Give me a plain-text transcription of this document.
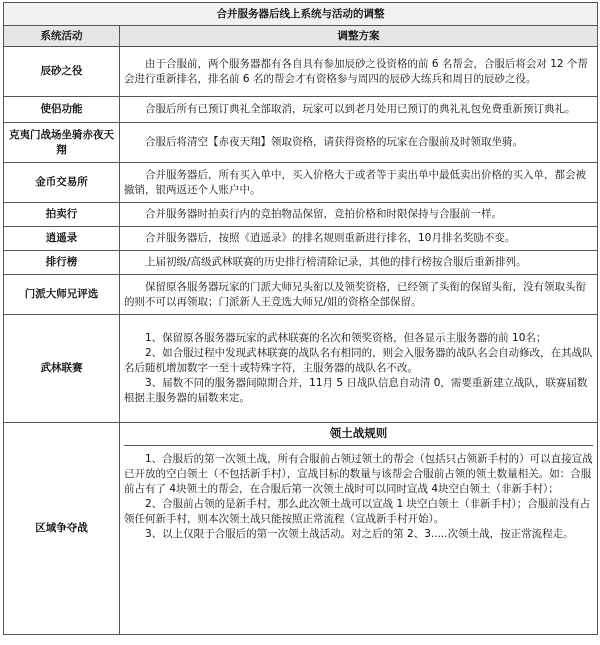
合并服务器后线上系统与活动的调整	
系统活动	调整方案
辰砂之役	由于合服前，两个服务器都有各自具有参加辰砂之役资格的前 6 名帮会，合服后将会对 12 个帮会进行重新排名，排名前 6 名的帮会才有资格参与周四的辰砂大练兵和周日的辰砂之役。

使侣功能	合服后所有已预订典礼全部取消，玩家可以到老月处用已预订的典礼礼包免费重新预订典礼。

克夷门战场坐骑赤夜天翔	合服后将清空【赤夜天翔】领取资格，请获得资格的玩家在合服前及时领取坐骑。

金币交易所	合并服务器后，所有买入单中，买入价格大于或者等于卖出单中最低卖出价格的买入单，都会被撤销，银两返还个人账户中。

拍卖行	合并服务器时拍卖行内的竞拍物品保留，竞拍价格和时限保持与合服前一样。

逍遥录	合并服务器后，按照《逍遥录》的排名规则重新进行排名，10月排名奖励不变。

排行榜	上届初级/高级武林联赛的历史排行榜清除记录，其他的排行榜按合服后重新排列。

门派大师兄评选	保留原各服务器玩家的门派大师兄头衔以及领奖资格，已经领了头衔的保留头衔，没有领取头衔的则不可以再领取；门派新人王竞选大师兄/姐的资格全部保留。

武林联赛	1、保留原各服务器玩家的武林联赛的名次和领奖资格，但各显示主服务器的前 10名；

2、如合服过程中发现武林联赛的战队名有相同的，则会入服务器的战队名会自动修改，在其战队名后随机增加数字一至十或特殊字符，主服务器的战队名不改。

3、届数不同的服务器间隙期合并，11月 5 日战队信息自动清 0，需要重新建立战队，联赛届数根据主服务器的届数来定。

区域争夺战	领土战规则

1、合服后的第一次领土战，所有合服前占领过领土的帮会（包括只占领新手村的）可以直接宣战已开放的空白领土（不包括新手村），宣战目标的数量与该帮会合服前占领的领土数量相关。如：合服前占有了 4块领土的帮会，在合服后第一次领土战时可以同时宣战 4块空白领土（非新手村）；

2、合服前占领的是新手村，那么此次领土战可以宣战 1 块空白领土（非新手村）；合服前没有占领任何新手村，则本次领土战只能按照正常流程（宣战新手村开始）。

3、以上仅限于合服后的第一次领土战活动。对之后的第 2、3.....次领土战，按正常流程走。
